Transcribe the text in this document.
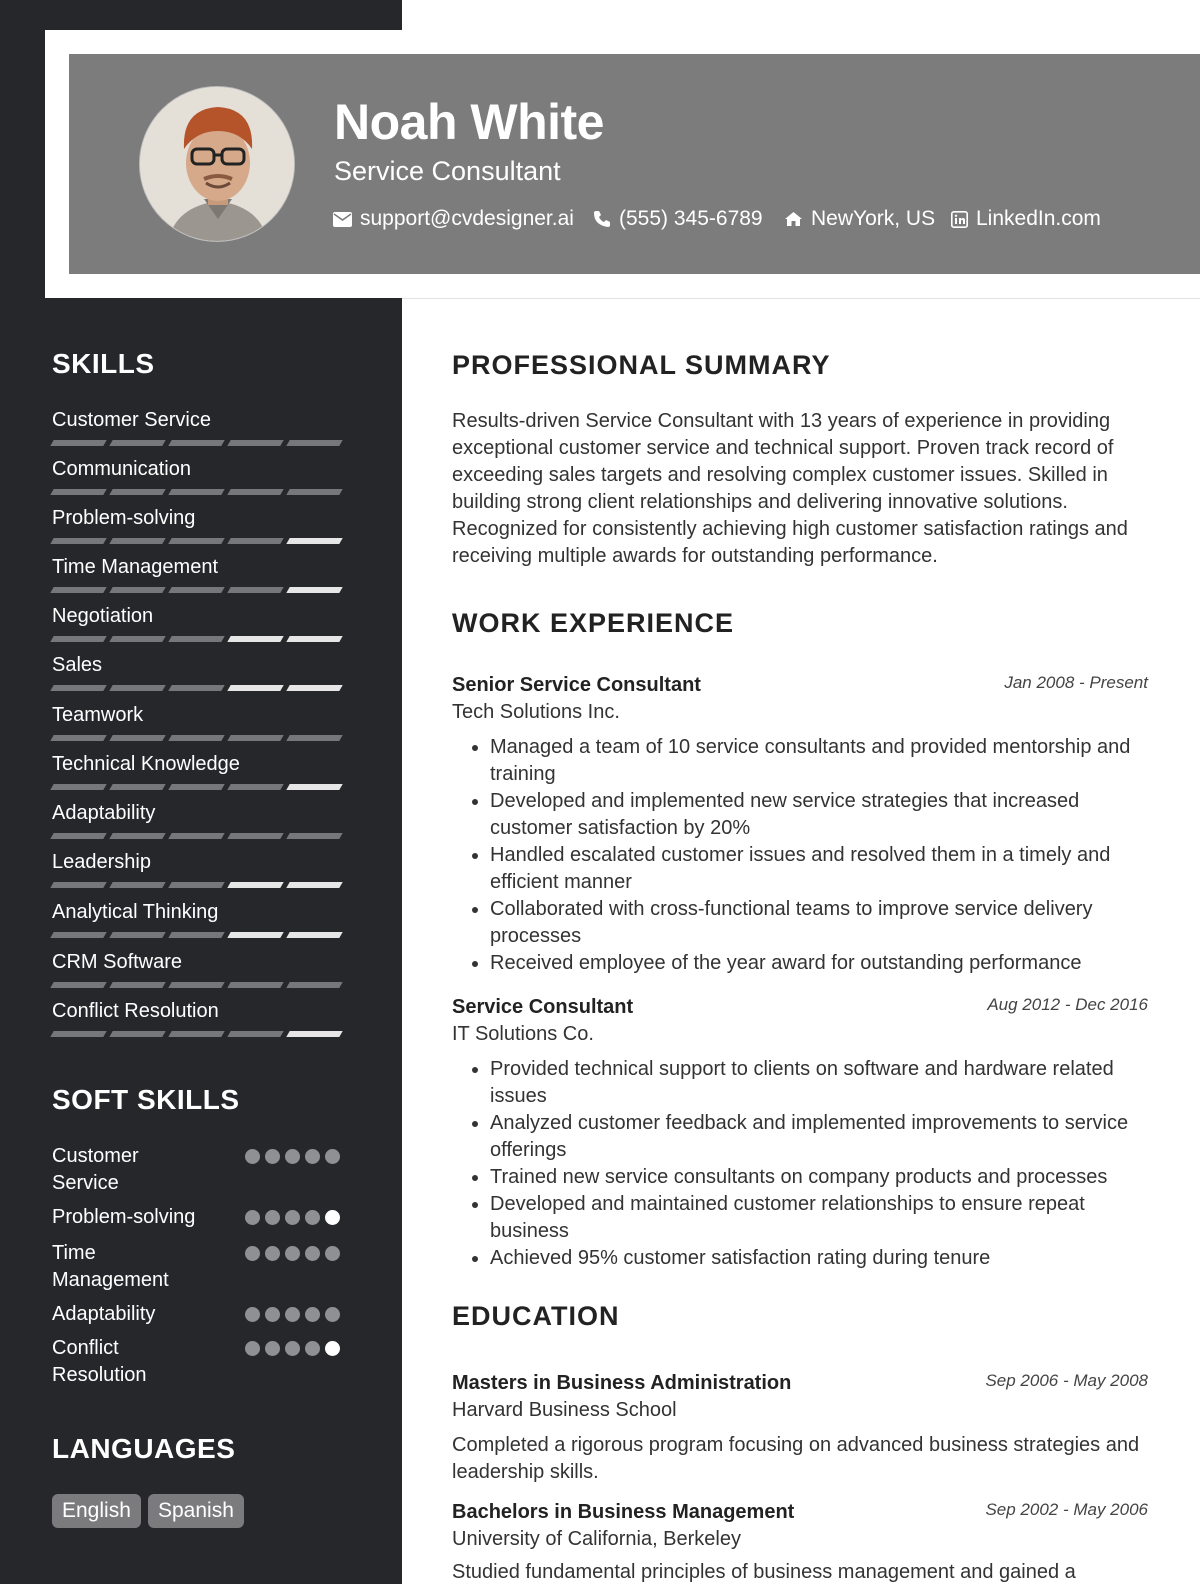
Noah White
Service Consultant
support@cvdesigner.ai (555) 345-6789 NewYork, US LinkedIn.com
SKILLS
Customer Service
Communication
Problem-solving
Time Management
Negotiation
Sales
Teamwork
Technical Knowledge
Adaptability
Leadership
Analytical Thinking
CRM Software
Conflict Resolution
SOFT SKILLS
Customer Service
Problem-solving
Time Management
Adaptability
Conflict Resolution
LANGUAGES
English	Spanish
PROFESSIONAL SUMMARY
Results-driven Service Consultant with 13 years of experience in providing exceptional customer service and technical support. Proven track record of exceeding sales targets and resolving complex customer issues. Skilled in building strong client relationships and delivering innovative solutions. Recognized for consistently achieving high customer satisfaction ratings and receiving multiple awards for outstanding performance.
WORK EXPERIENCE
Senior Service Consultant	Jan 2008 - Present
Tech Solutions Inc.
• Managed a team of 10 service consultants and provided mentorship and training
• Developed and implemented new service strategies that increased customer satisfaction by 20%
• Handled escalated customer issues and resolved them in a timely and efficient manner
• Collaborated with cross-functional teams to improve service delivery processes
• Received employee of the year award for outstanding performance
Service Consultant	Aug 2012 - Dec 2016
IT Solutions Co.
• Provided technical support to clients on software and hardware related issues
• Analyzed customer feedback and implemented improvements to service offerings
• Trained new service consultants on company products and processes
• Developed and maintained customer relationships to ensure repeat business
• Achieved 95% customer satisfaction rating during tenure
EDUCATION
Masters in Business Administration	Sep 2006 - May 2008
Harvard Business School
Completed a rigorous program focusing on advanced business strategies and leadership skills.
Bachelors in Business Management	Sep 2002 - May 2006
University of California, Berkeley
Studied fundamental principles of business management and gained a
